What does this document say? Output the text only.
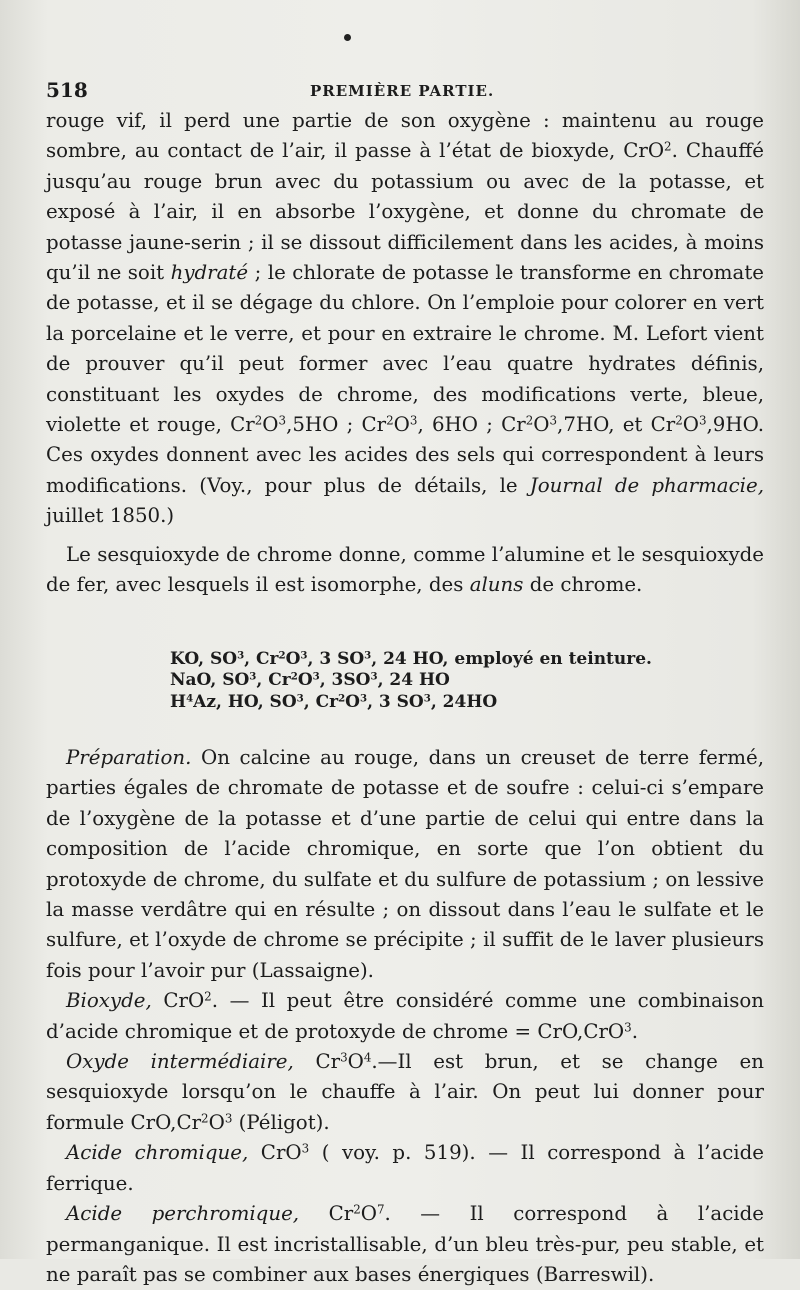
518	PREMIÈRE PARTIE.

rouge vif, il perd une partie de son oxygène : maintenu au rouge sombre, au contact de l’air, il passe à l’état de bioxyde, CrO$^2$. Chauffé jusqu’au rouge brun avec du potassium ou avec de la potasse, et exposé à l’air, il en absorbe l’oxygène, et donne du chromate de potasse jaune-serin ; il se dissout difficilement dans les acides, à moins qu’il ne soit hydraté ; le chlorate de potasse le transforme en chromate de potasse, et il se dégage du chlore. On l’emploie pour colorer en vert la porcelaine et le verre, et pour en extraire le chrome. M. Lefort vient de prouver qu’il peut former avec l’eau quatre hydrates définis, constituant les oxydes de chrome, des modifications verte, bleue, violette et rouge, $Cr^2O^3,5HO$ ; $Cr^2O^3$, 6HO ; $Cr^2O^3,7HO$, et $Cr^2O^3,9HO$. Ces oxydes donnent avec les acides des sels qui correspondent à leurs modifications. (Voy., pour plus de détails, le Journal de pharmacie, juillet 1850.)

Le sesquioxyde de chrome donne, comme l’alumine et le sesquioxyde de fer, avec lesquels il est isomorphe, des aluns de chrome.

KO, $SO^3$, $Cr^2O^3$, 3 $SO^3$, 24 HO, employé en teinture.
NaO, $SO^3$, $Cr^2O^3$, $3SO^3$, 24 HO
$H^4Az$, HO, $SO^3$, $Cr^2O^3$, 3 $SO^3$, 24HO

Préparation. On calcine au rouge, dans un creuset de terre fermé, parties égales de chromate de potasse et de soufre : celui-ci s’empare de l’oxygène de la potasse et d’une partie de celui qui entre dans la composition de l’acide chromique, en sorte que l’on obtient du protoxyde de chrome, du sulfate et du sulfure de potassium ; on lessive la masse verdâtre qui en résulte ; on dissout dans l’eau le sulfate et le sulfure, et l’oxyde de chrome se précipite ; il suffit de le laver plusieurs fois pour l’avoir pur (Lassaigne).

Bioxyde, CrO$^2$. — Il peut être considéré comme une combinaison d’acide chromique et de protoxyde de chrome = CrO,CrO$^3$.

Oxyde intermédiaire, $Cr^3O^4.—Il$ est brun, et se change en sesquioxyde lorsqu’on le chauffe à l’air. On peut lui donner pour formule $CrO,Cr^2O^3$ (Péligot).

Acide chromique, CrO$^3$ ( voy. p. 519). — Il correspond à l’acide ferrique.

Acide perchromique, $Cr^2O^7$. — Il correspond à l’acide permanganique. Il est incristallisable, d’un bleu très-pur, peu stable, et ne paraît pas se combiner aux bases énergiques (Barreswil).
